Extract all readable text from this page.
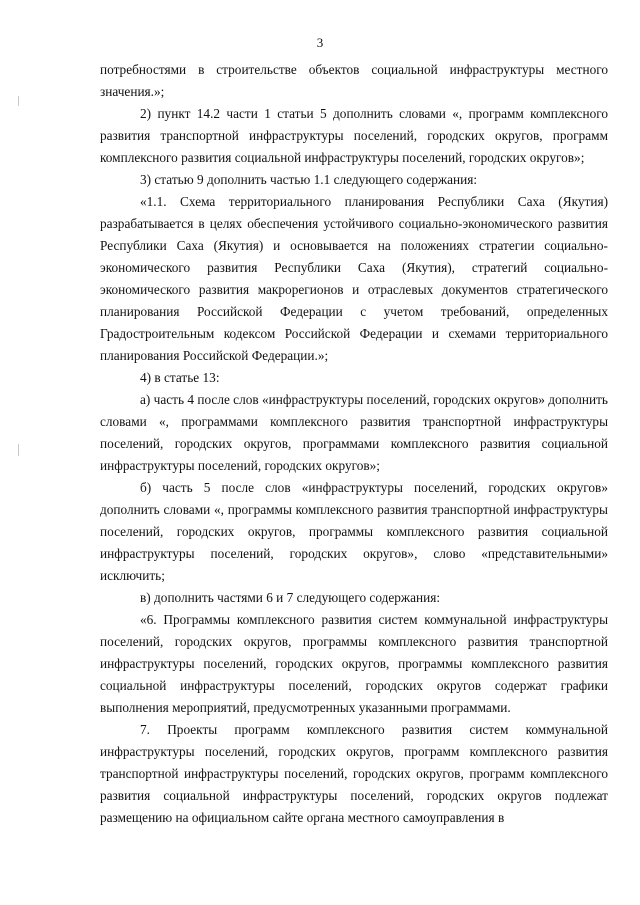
3

потребностями в строительстве объектов социальной инфраструктуры местного значения.»;

2) пункт 14.2 части 1 статьи 5 дополнить словами «, программ комплексного развития транспортной инфраструктуры поселений, городских округов, программ комплексного развития социальной инфраструктуры поселений, городских округов»;

3) статью 9 дополнить частью 1.1 следующего содержания:

«1.1. Схема территориального планирования Республики Саха (Якутия) разрабатывается в целях обеспечения устойчивого социально-экономического развития Республики Саха (Якутия) и основывается на положениях стратегии социально-экономического развития Республики Саха (Якутия), стратегий социально-экономического развития макрорегионов и отраслевых документов стратегического планирования Российской Федерации с учетом требований, определенных Градостроительным кодексом Российской Федерации и схемами территориального планирования Российской Федерации.»;

4) в статье 13:

а) часть 4 после слов «инфраструктуры поселений, городских округов» дополнить словами «, программами комплексного развития транспортной инфраструктуры поселений, городских округов, программами комплексного развития социальной инфраструктуры поселений, городских округов»;

б) часть 5 после слов «инфраструктуры поселений, городских округов» дополнить словами «, программы комплексного развития транспортной инфраструктуры поселений, городских округов, программы комплексного развития социальной инфраструктуры поселений, городских округов», слово «представительными» исключить;

в) дополнить частями 6 и 7 следующего содержания:

«6. Программы комплексного развития систем коммунальной инфраструктуры поселений, городских округов, программы комплексного развития транспортной инфраструктуры поселений, городских округов, программы комплексного развития социальной инфраструктуры поселений, городских округов содержат графики выполнения мероприятий, предусмотренных указанными программами.

7. Проекты программ комплексного развития систем коммунальной инфраструктуры поселений, городских округов, программ комплексного развития транспортной инфраструктуры поселений, городских округов, программ комплексного развития социальной инфраструктуры поселений, городских округов подлежат размещению на официальном сайте органа местного самоуправления в
